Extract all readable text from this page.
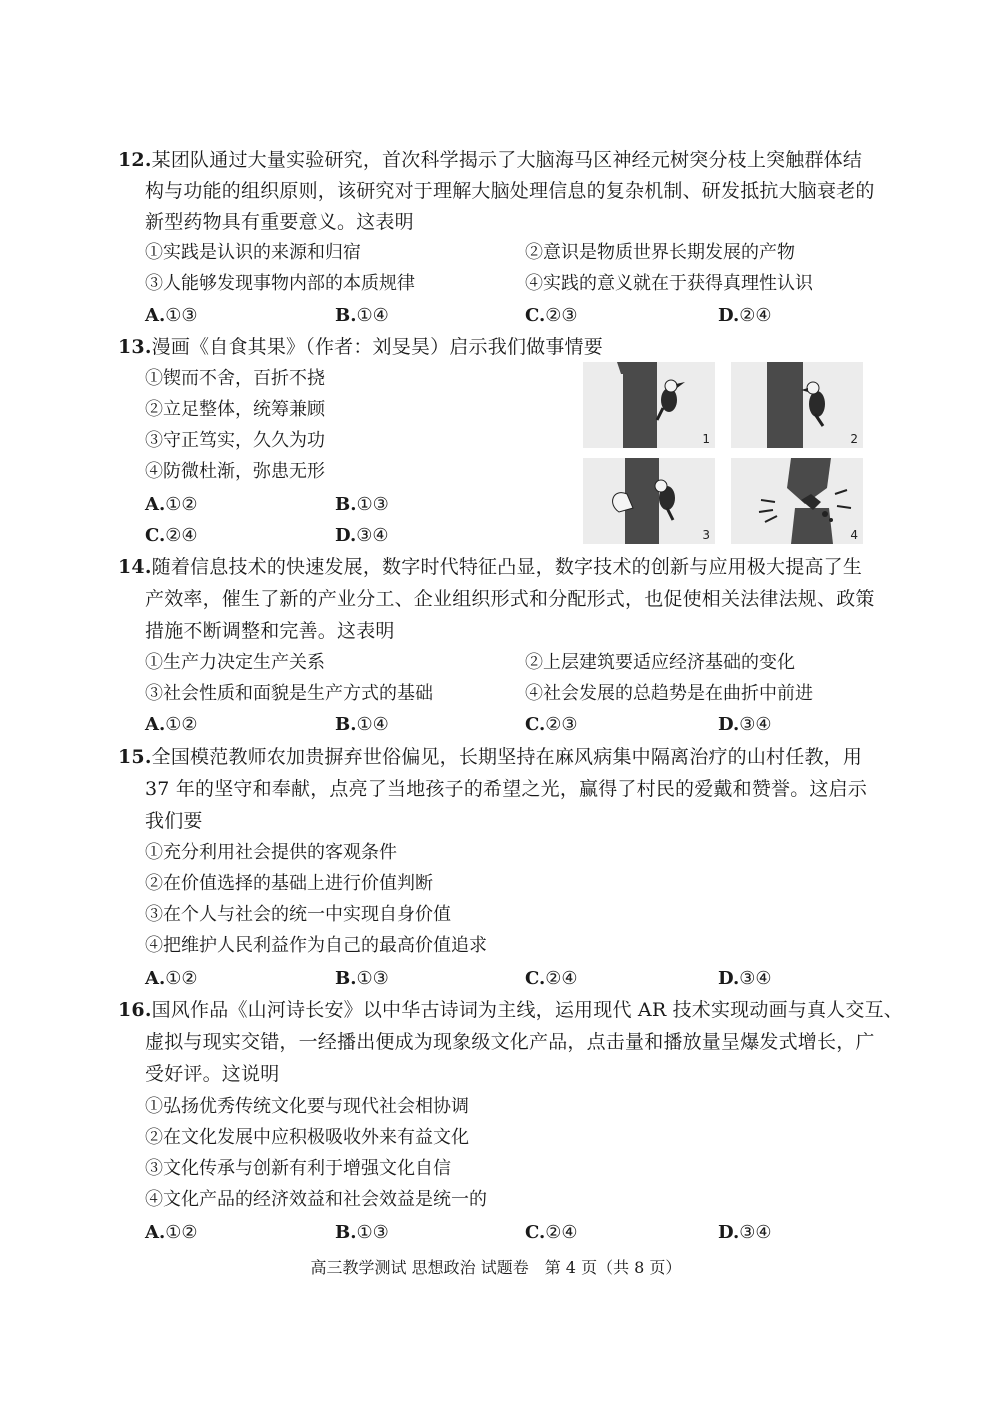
12.某团队通过大量实验研究，首次科学揭示了大脑海马区神经元树突分枝上突触群体结
构与功能的组织原则，该研究对于理解大脑处理信息的复杂机制、研发抵抗大脑衰老的
新型药物具有重要意义。这表明
①实践是认识的来源和归宿	②意识是物质世界长期发展的产物
③人能够发现事物内部的本质规律	④实践的意义就在于获得真理性认识
A.①③	B.①④	C.②③	D.②④
13.漫画《自食其果》（作者：刘旻昊）启示我们做事情要
①锲而不舍，百折不挠
②立足整体，统筹兼顾
③守正笃实，久久为功
④防微杜渐，弥患无形
A.①②	B.①③
C.②④	D.③④
1	2
3	4
14.随着信息技术的快速发展，数字时代特征凸显，数字技术的创新与应用极大提高了生
产效率，催生了新的产业分工、企业组织形式和分配形式，也促使相关法律法规、政策
措施不断调整和完善。这表明
①生产力决定生产关系	②上层建筑要适应经济基础的变化
③社会性质和面貌是生产方式的基础	④社会发展的总趋势是在曲折中前进
A.①②	B.①④	C.②③	D.③④
15.全国模范教师农加贵摒弃世俗偏见，长期坚持在麻风病集中隔离治疗的山村任教，用
37 年的坚守和奉献，点亮了当地孩子的希望之光，赢得了村民的爱戴和赞誉。这启示
我们要
①充分利用社会提供的客观条件
②在价值选择的基础上进行价值判断
③在个人与社会的统一中实现自身价值
④把维护人民利益作为自己的最高价值追求
A.①②	B.①③	C.②④	D.③④
16.国风作品《山河诗长安》以中华古诗词为主线，运用现代 AR 技术实现动画与真人交互、
虚拟与现实交错，一经播出便成为现象级文化产品，点击量和播放量呈爆发式增长，广
受好评。这说明
①弘扬优秀传统文化要与现代社会相协调
②在文化发展中应积极吸收外来有益文化
③文化传承与创新有利于增强文化自信
④文化产品的经济效益和社会效益是统一的
A.①②	B.①③	C.②④	D.③④
高三教学测试 思想政治 试题卷　第 4 页（共 8 页）
